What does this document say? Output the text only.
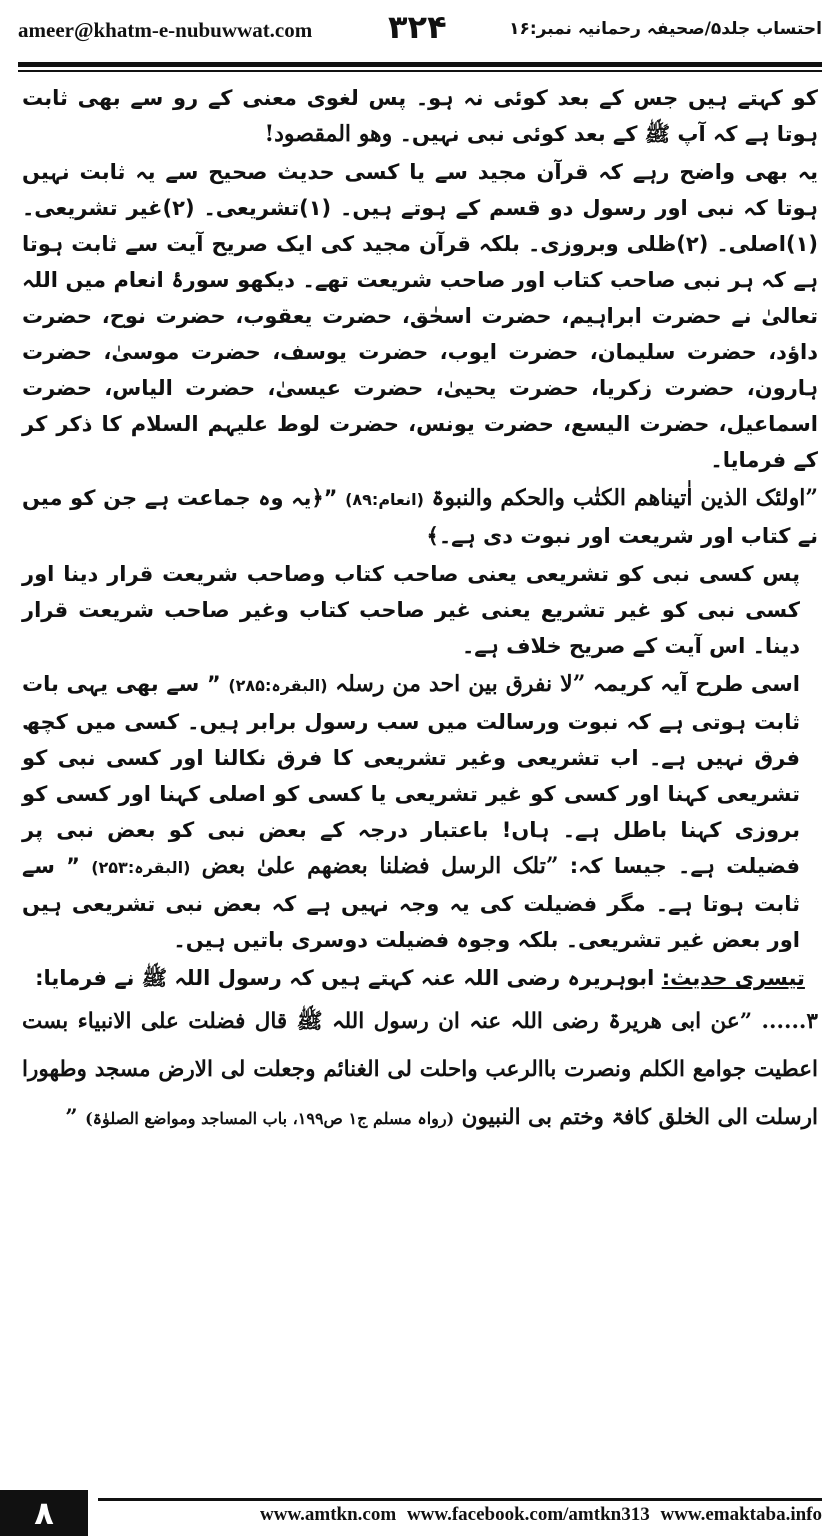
ameer@khatm-e-nubuwwat.com ۳۲۴	احتساب جلد۵/صحیفہ رحمانیہ نمبر:۱۶

کو کہتے ہیں جس کے بعد کوئی نہ ہو۔ پس لغوی معنی کے رو سے بھی ثابت ہوتا ہے کہ آپ ﷺ کے بعد کوئی نبی نہیں۔ وھو المقصود!

یہ بھی واضح رہے کہ قرآن مجید سے یا کسی حدیث صحیح سے یہ ثابت نہیں ہوتا کہ نبی اور رسول دو قسم کے ہوتے ہیں۔ (۱)تشریعی۔ (۲)غیر تشریعی۔ (۱)اصلی۔ (۲)ظلی وبروزی۔ بلکہ قرآن مجید کی ایک صریح آیت سے ثابت ہوتا ہے کہ ہر نبی صاحب کتاب اور صاحب شریعت تھے۔ دیکھو سورۂ انعام میں اللہ تعالیٰ نے حضرت ابراہیم، حضرت اسحٰق، حضرت یعقوب، حضرت نوح، حضرت داؤد، حضرت سلیمان، حضرت ایوب، حضرت یوسف، حضرت موسیٰ، حضرت ہارون، حضرت زکریا، حضرت یحییٰ، حضرت عیسیٰ، حضرت الیاس، حضرت اسماعیل، حضرت الیسع، حضرت یونس، حضرت لوط علیہم السلام کا ذکر کر کے فرمایا۔

”اولئک الذین اٰتیناھم الکتٰب والحکم والنبوۃ (انعام:۸۹) ”﴿یہ وہ جماعت ہے جن کو میں نے کتاب اور شریعت اور نبوت دی ہے۔﴾

پس کسی نبی کو تشریعی یعنی صاحب کتاب وصاحب شریعت قرار دینا اور کسی نبی کو غیر تشریع یعنی غیر صاحب کتاب وغیر صاحب شریعت قرار دینا۔ اس آیت کے صریح خلاف ہے۔

اسی طرح آیہ کریمہ ”لا نفرق بین احد من رسلہ (البقرہ:۲۸۵) ” سے بھی یہی بات ثابت ہوتی ہے کہ نبوت ورسالت میں سب رسول برابر ہیں۔ کسی میں کچھ فرق نہیں ہے۔ اب تشریعی وغیر تشریعی کا فرق نکالنا اور کسی نبی کو تشریعی کہنا اور کسی کو غیر تشریعی یا کسی کو اصلی کہنا اور کسی کو بروزی کہنا باطل ہے۔ ہاں! باعتبار درجہ کے بعض نبی کو بعض نبی پر فضیلت ہے۔ جیسا کہ: ”تلک الرسل فضلنا بعضھم علیٰ بعض (البقرہ:۲۵۳) ” سے ثابت ہوتا ہے۔ مگر فضیلت کی یہ وجہ نہیں ہے کہ بعض نبی تشریعی ہیں اور بعض غیر تشریعی۔ بلکہ وجوہ فضیلت دوسری باتیں ہیں۔

تیسری حدیث: ابوہریرہ رضی اللہ عنہ کہتے ہیں کہ رسول اللہ ﷺ نے فرمایا:

۳...... ”عن ابی ھریرۃ رضی اللہ عنہ ان رسول اللہ ﷺ قال فضلت علی الانبیاء بست اعطیت جوامع الکلم ونصرت باالرعب واحلت لی الغنائم وجعلت لی الارض مسجد وطھورا ارسلت الی الخلق کافۃ وختم بی النبیون (رواہ مسلم ج۱ ص۱۹۹، باب المساجد ومواضع الصلوٰۃ) ”

۸	www.amtkn.com www.facebook.com/amtkn313 www.emaktaba.info
